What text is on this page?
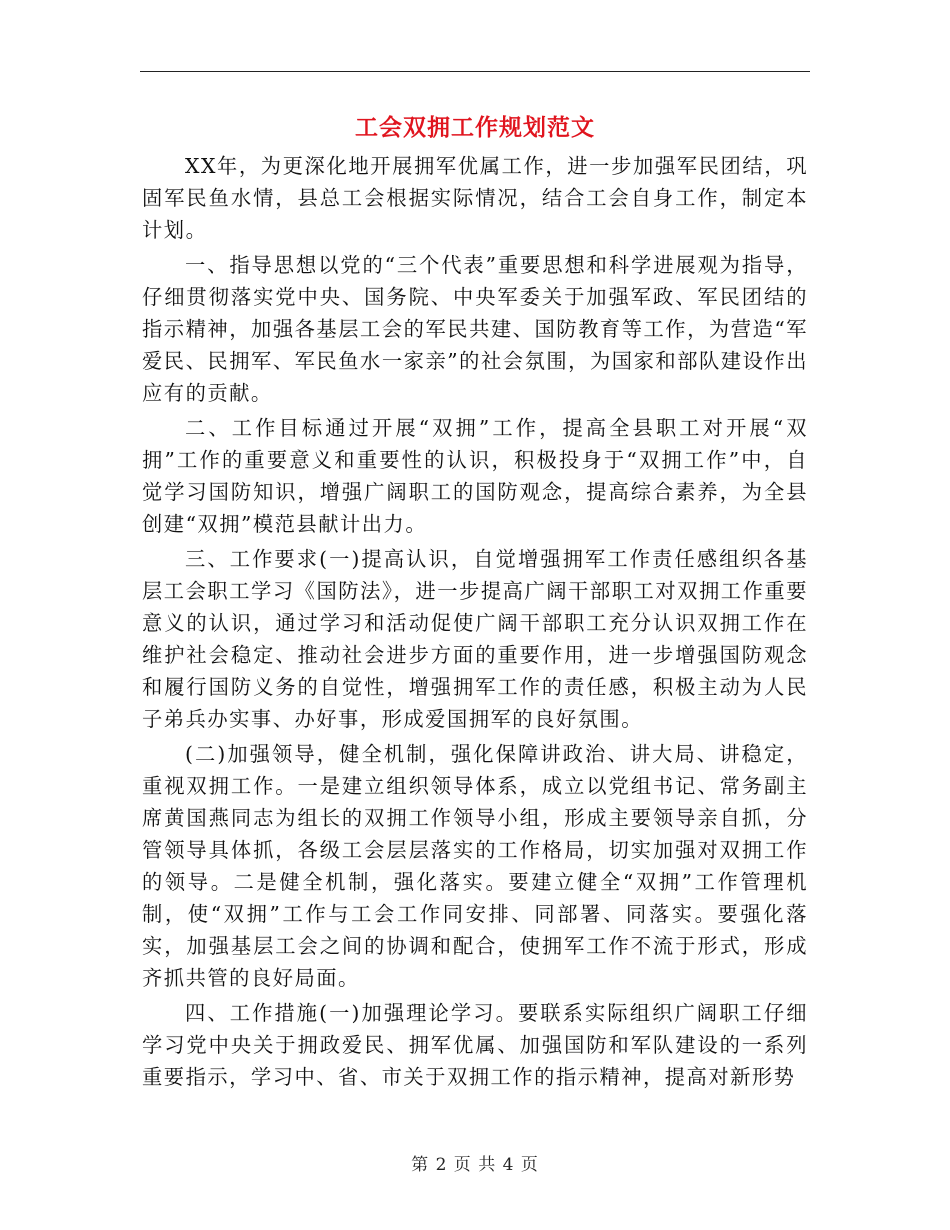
工会双拥工作规划范文

XX年，为更深化地开展拥军优属工作，进一步加强军民团结，巩固军民鱼水情，县总工会根据实际情况，结合工会自身工作，制定本计划。

一、指导思想以党的“三个代表”重要思想和科学进展观为指导，仔细贯彻落实党中央、国务院、中央军委关于加强军政、军民团结的指示精神，加强各基层工会的军民共建、国防教育等工作，为营造“军爱民、民拥军、军民鱼水一家亲”的社会氛围，为国家和部队建设作出应有的贡献。

二、工作目标通过开展“双拥”工作，提高全县职工对开展“双拥”工作的重要意义和重要性的认识，积极投身于“双拥工作”中，自觉学习国防知识，增强广阔职工的国防观念，提高综合素养，为全县创建“双拥”模范县献计出力。

三、工作要求(一)提高认识，自觉增强拥军工作责任感组织各基层工会职工学习《国防法》，进一步提高广阔干部职工对双拥工作重要意义的认识，通过学习和活动促使广阔干部职工充分认识双拥工作在维护社会稳定、推动社会进步方面的重要作用，进一步增强国防观念和履行国防义务的自觉性，增强拥军工作的责任感，积极主动为人民子弟兵办实事、办好事，形成爱国拥军的良好氛围。

(二)加强领导，健全机制，强化保障讲政治、讲大局、讲稳定，重视双拥工作。一是建立组织领导体系，成立以党组书记、常务副主席黄国燕同志为组长的双拥工作领导小组，形成主要领导亲自抓，分管领导具体抓，各级工会层层落实的工作格局，切实加强对双拥工作的领导。二是健全机制，强化落实。要建立健全“双拥”工作管理机制，使“双拥”工作与工会工作同安排、同部署、同落实。要强化落实，加强基层工会之间的协调和配合，使拥军工作不流于形式，形成齐抓共管的良好局面。

四、工作措施(一)加强理论学习。要联系实际组织广阔职工仔细学习党中央关于拥政爱民、拥军优属、加强国防和军队建设的一系列重要指示，学习中、省、市关于双拥工作的指示精神，提高对新形势

第 2 页 共 4 页
